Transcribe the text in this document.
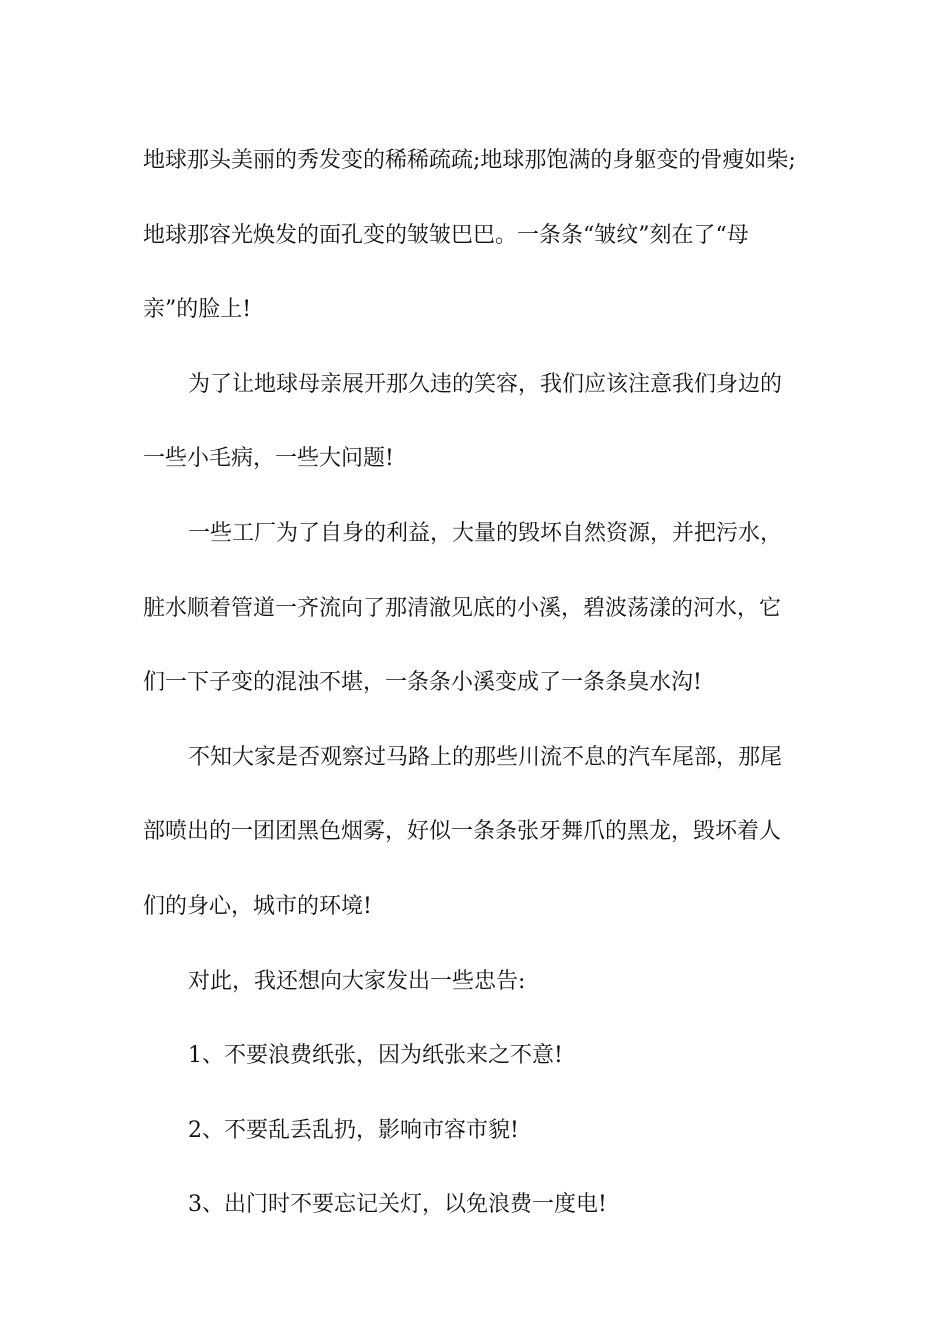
地球那头美丽的秀发变的稀稀疏疏;地球那饱满的身躯变的骨瘦如柴;
地球那容光焕发的面孔变的皱皱巴巴。一条条“皱纹”刻在了“母
亲”的脸上!
为了让地球母亲展开那久违的笑容，我们应该注意我们身边的
一些小毛病，一些大问题!
一些工厂为了自身的利益，大量的毁坏自然资源，并把污水，
脏水顺着管道一齐流向了那清澈见底的小溪，碧波荡漾的河水，它
们一下子变的混浊不堪，一条条小溪变成了一条条臭水沟!
不知大家是否观察过马路上的那些川流不息的汽车尾部，那尾
部喷出的一团团黑色烟雾，好似一条条张牙舞爪的黑龙，毁坏着人
们的身心，城市的环境!
对此，我还想向大家发出一些忠告:
1、不要浪费纸张，因为纸张来之不意!
2、不要乱丢乱扔，影响市容市貌!
3、出门时不要忘记关灯，以免浪费一度电!
